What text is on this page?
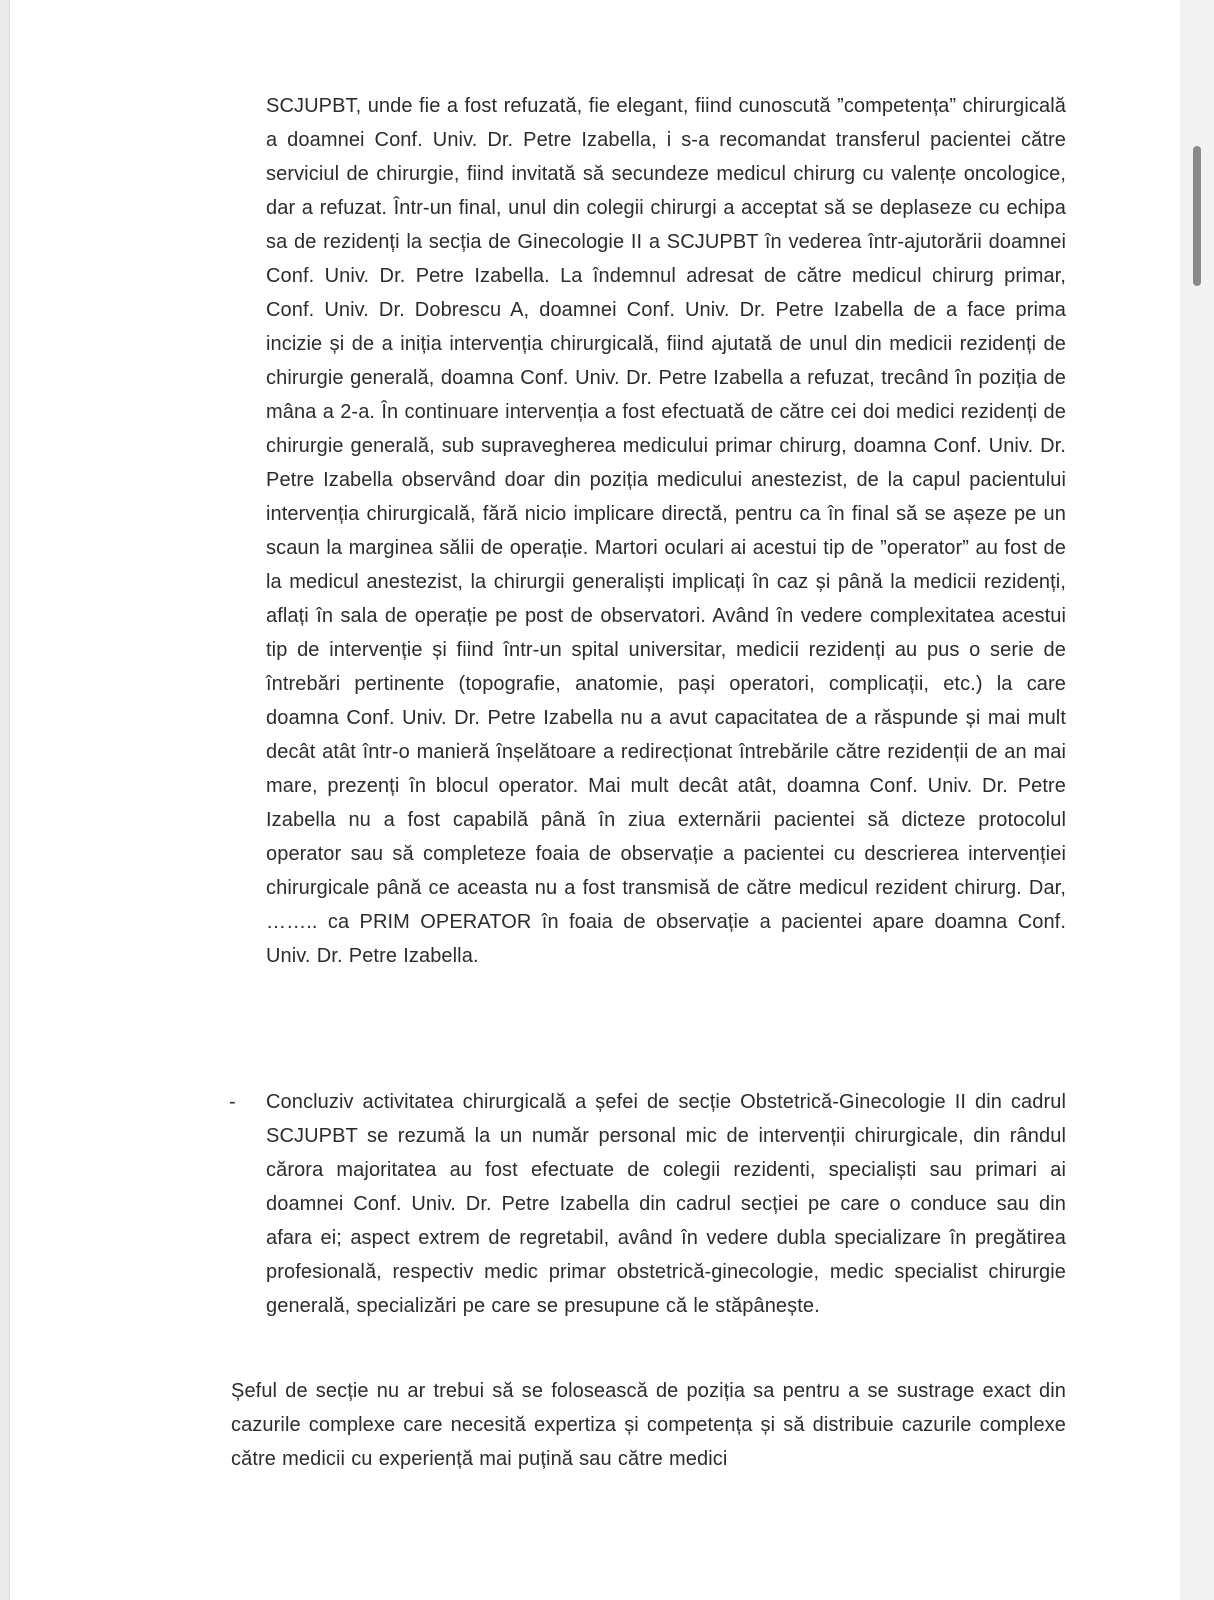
SCJUPBT, unde fie a fost refuzată, fie elegant, fiind cunoscută ”competența” chirurgicală a doamnei Conf. Univ. Dr. Petre Izabella, i s-a recomandat transferul pacientei către serviciul de chirurgie, fiind invitată să secundeze medicul chirurg cu valențe oncologice, dar a refuzat. Într-un final, unul din colegii chirurgi a acceptat să se deplaseze cu echipa sa de rezidenți la secția de Ginecologie II a SCJUPBT în vederea într-ajutorării doamnei Conf. Univ. Dr. Petre Izabella. La îndemnul adresat de către medicul chirurg primar, Conf. Univ. Dr. Dobrescu A, doamnei Conf. Univ. Dr. Petre Izabella de a face prima incizie și de a iniția intervenția chirurgicală, fiind ajutată de unul din medicii rezidenți de chirurgie generală, doamna Conf. Univ. Dr. Petre Izabella a refuzat, trecând în poziția de mâna a 2-a. În continuare intervenția a fost efectuată de către cei doi medici rezidenți de chirurgie generală, sub supravegherea medicului primar chirurg, doamna Conf. Univ. Dr. Petre Izabella observând doar din poziția medicului anestezist, de la capul pacientului intervenția chirurgicală, fără nicio implicare directă, pentru ca în final să se așeze pe un scaun la marginea sălii de operație. Martori oculari ai acestui tip de ”operator” au fost de la medicul anestezist, la chirurgii generaliști implicați în caz și până la medicii rezidenți, aflați în sala de operație pe post de observatori. Având în vedere complexitatea acestui tip de intervenție și fiind într-un spital universitar, medicii rezidenți au pus o serie de întrebări pertinente (topografie, anatomie, pași operatori, complicații, etc.) la care doamna Conf. Univ. Dr. Petre Izabella nu a avut capacitatea de a răspunde și mai mult decât atât într-o manieră înșelătoare a redirecționat întrebările către rezidenții de an mai mare, prezenți în blocul operator. Mai mult decât atât, doamna Conf. Univ. Dr. Petre Izabella nu a fost capabilă până în ziua externării pacientei să dicteze protocolul operator sau să completeze foaia de observație a pacientei cu descrierea intervenției chirurgicale până ce aceasta nu a fost transmisă de către medicul rezident chirurg. Dar, …….. ca PRIM OPERATOR în foaia de observație a pacientei apare doamna Conf. Univ. Dr. Petre Izabella.
- Concluziv activitatea chirurgicală a șefei de secție Obstetrică-Ginecologie II din cadrul SCJUPBT se rezumă la un număr personal mic de intervenții chirurgicale, din rândul cărora majoritatea au fost efectuate de colegii rezidenti, specialiști sau primari ai doamnei Conf. Univ. Dr. Petre Izabella din cadrul secției pe care o conduce sau din afara ei; aspect extrem de regretabil, având în vedere dubla specializare în pregătirea profesională, respectiv medic primar obstetrică-ginecologie, medic specialist chirurgie generală, specializări pe care se presupune că le stăpânește.
Șeful de secție nu ar trebui să se folosească de poziția sa pentru a se sustrage exact din cazurile complexe care necesită expertiza și competența și să distribuie cazurile complexe către medicii cu experiență mai puțină sau către medici
